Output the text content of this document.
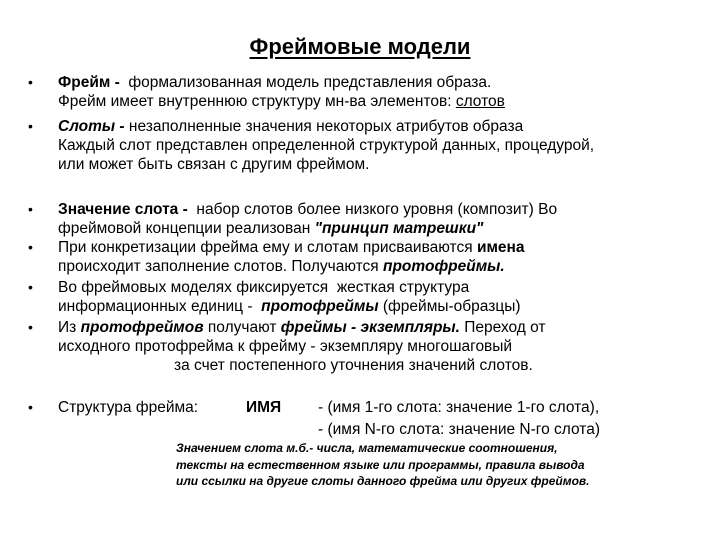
Фреймовые модели
•
•
•
•
•
•
•
Фрейм - формализованная модель представления образа.
Фрейм имеет внутреннюю структуру мн-ва элементов: слотов
Слоты - незаполненные значения некоторых атрибутов образа
Каждый слот представлен определенной структурой данных, процедурой,
или может быть связан с другим фреймом.
Значение слота - набор слотов более низкого уровня (композит) Во
фреймовой концепции реализован "принцип матрешки"
При конкретизации фрейма ему и слотам присваиваются имена
происходит заполнение слотов. Получаются протофреймы.
Во фреймовых моделях фиксируется жесткая структура
информационных единиц - протофреймы (фреймы-образцы)
Из протофреймов получают фреймы - экземпляры. Переход от
исходного протофрейма к фрейму - экземпляру многошаговый
за счет постепенного уточнения значений слотов.
Структура фрейма:	ИМЯ - (имя 1-го слота: значение 1-го слота),
- (имя N-го слота: значение N-го слота)
Значением слота м.б.- числа, математические соотношения,
тексты на естественном языке или программы, правила вывода
или ссылки на другие слоты данного фрейма или других фреймов.
